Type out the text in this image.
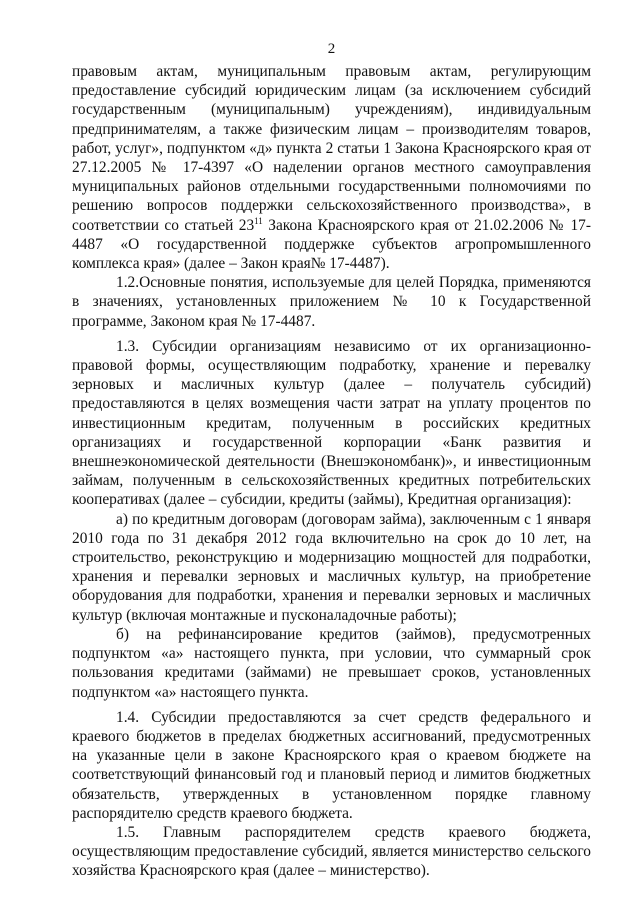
2

правовым актам, муниципальным правовым актам, регулирующим предоставление субсидий юридическим лицам (за исключением субсидий государственным (муниципальным) учреждениям), индивидуальным предпринимателям, а также физическим лицам – производителям товаров, работ, услуг», подпунктом «д» пункта 2 статьи 1 Закона Красноярского края от 27.12.2005 № 17-4397 «О наделении органов местного самоуправления муниципальных районов отдельными государственными полномочиями по решению вопросов поддержки сельскохозяйственного производства», в соответствии со статьей $23^{11}$ Закона Красноярского края от 21.02.2006 № 17-4487 «О государственной поддержке субъектов агропромышленного комплекса края» (далее – Закон края№ 17-4487).

1.2.Основные понятия, используемые для целей Порядка, применяются в значениях, установленных приложением № 10 к Государственной программе, Законом края № 17-4487.

1.3. Субсидии организациям независимо от их организационно-правовой формы, осуществляющим подработку, хранение и перевалку зерновых и масличных культур (далее – получатель субсидий) предоставляются в целях возмещения части затрат на уплату процентов по инвестиционным кредитам, полученным в российских кредитных организациях и государственной корпорации «Банк развития и внешнеэкономической деятельности (Внешэкономбанк)», и инвестиционным займам, полученным в сельскохозяйственных кредитных потребительских кооперативах (далее – субсидии, кредиты (займы), Кредитная организация):

а) по кредитным договорам (договорам займа), заключенным с 1 января 2010 года по 31 декабря 2012 года включительно на срок до 10 лет, на строительство, реконструкцию и модернизацию мощностей для подработки, хранения и перевалки зерновых и масличных культур, на приобретение оборудования для подработки, хранения и перевалки зерновых и масличных культур (включая монтажные и пусконаладочные работы);

б) на рефинансирование кредитов (займов), предусмотренных подпунктом «а» настоящего пункта, при условии, что суммарный срок пользования кредитами (займами) не превышает сроков, установленных подпунктом «а» настоящего пункта.

1.4. Субсидии предоставляются за счет средств федерального и краевого бюджетов в пределах бюджетных ассигнований, предусмотренных на указанные цели в законе Красноярского края о краевом бюджете на соответствующий финансовый год и плановый период и лимитов бюджетных обязательств, утвержденных в установленном порядке главному распорядителю средств краевого бюджета.

1.5. Главным распорядителем средств краевого бюджета, осуществляющим предоставление субсидий, является министерство сельского хозяйства Красноярского края (далее – министерство).
